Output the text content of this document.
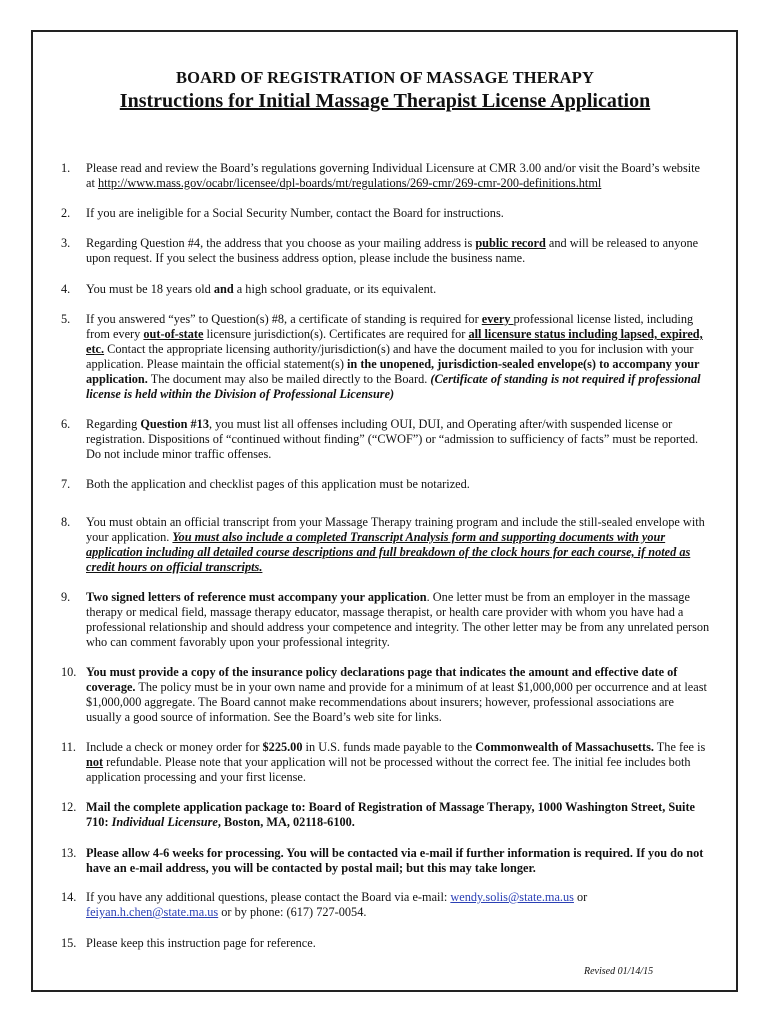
BOARD OF REGISTRATION OF MASSAGE THERAPY
Instructions for Initial Massage Therapist License Application
1.	Please read and review the Board’s regulations governing Individual Licensure at CMR 3.00 and/or visit the Board’s website at http://www.mass.gov/ocabr/licensee/dpl-boards/mt/regulations/269-cmr/269-cmr-200-definitions.html
2.	If you are ineligible for a Social Security Number, contact the Board for instructions.
3.	Regarding Question #4, the address that you choose as your mailing address is public record and will be released to anyone upon request. If you select the business address option, please include the business name.
4.	You must be 18 years old and a high school graduate, or its equivalent.
5.	If you answered “yes” to Question(s) #8, a certificate of standing is required for every professional license listed, including from every out-of-state licensure jurisdiction(s). Certificates are required for all licensure status including lapsed, expired, etc. Contact the appropriate licensing authority/jurisdiction(s) and have the document mailed to you for inclusion with your application. Please maintain the official statement(s) in the unopened, jurisdiction-sealed envelope(s) to accompany your application. The document may also be mailed directly to the Board. (Certificate of standing is not required if professional license is held within the Division of Professional Licensure)
6.	Regarding Question #13, you must list all offenses including OUI, DUI, and Operating after/with suspended license or registration. Dispositions of “continued without finding” (“CWOF”) or “admission to sufficiency of facts” must be reported. Do not include minor traffic offenses.
7.	Both the application and checklist pages of this application must be notarized.
8.	You must obtain an official transcript from your Massage Therapy training program and include the still-sealed envelope with your application. You must also include a completed Transcript Analysis form and supporting documents with your application including all detailed course descriptions and full breakdown of the clock hours for each course, if noted as credit hours on official transcripts.
9.	Two signed letters of reference must accompany your application. One letter must be from an employer in the massage therapy or medical field, massage therapy educator, massage therapist, or health care provider with whom you have had a professional relationship and should address your competence and integrity. The other letter may be from any unrelated person who can comment favorably upon your professional integrity.
10. You must provide a copy of the insurance policy declarations page that indicates the amount and effective date of coverage. The policy must be in your own name and provide for a minimum of at least $1,000,000 per occurrence and at least $1,000,000 aggregate. The Board cannot make recommendations about insurers; however, professional associations are usually a good source of information. See the Board’s web site for links.
11. Include a check or money order for $225.00 in U.S. funds made payable to the Commonwealth of Massachusetts. The fee is not refundable. Please note that your application will not be processed without the correct fee. The initial fee includes both application processing and your first license.
12. Mail the complete application package to: Board of Registration of Massage Therapy, 1000 Washington Street, Suite 710: Individual Licensure, Boston, MA, 02118-6100.
13. Please allow 4-6 weeks for processing. You will be contacted via e-mail if further information is required. If you do not have an e-mail address, you will be contacted by postal mail; but this may take longer.
14. If you have any additional questions, please contact the Board via e-mail: wendy.solis@state.ma.us or feiyan.h.chen@state.ma.us or by phone: (617) 727-0054.
15. Please keep this instruction page for reference.
Revised 01/14/15
